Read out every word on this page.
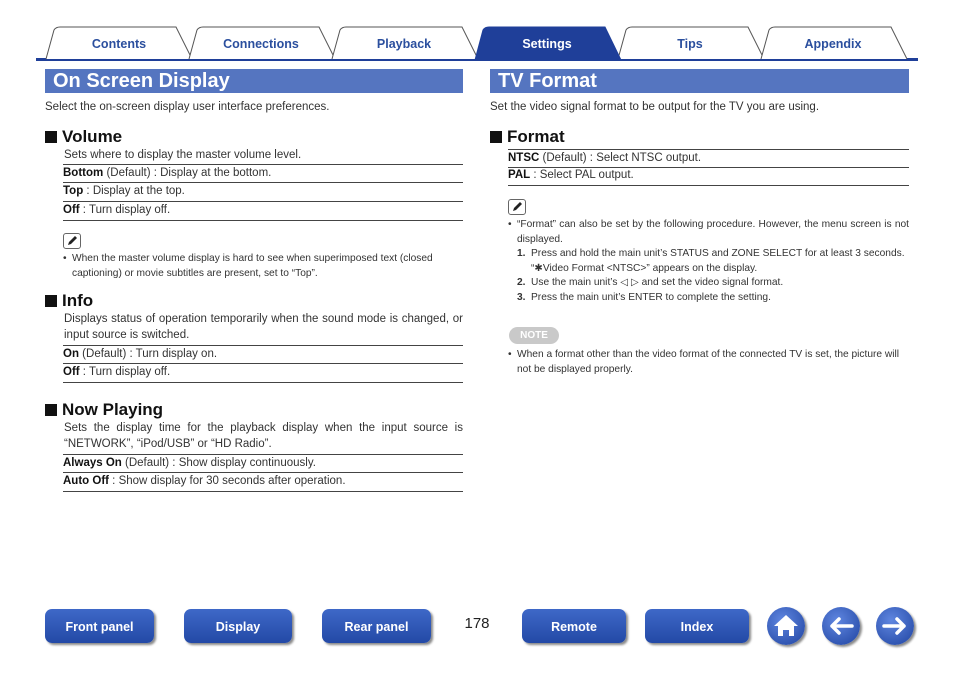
Contents	Connections	Playback	Settings	Tips	Appendix
On Screen Display
Select the on-screen display user interface preferences.
Volume
Sets where to display the master volume level.
Bottom (Default) : Display at the bottom.
Top : Display at the top.
Off : Turn display off.
• When the master volume display is hard to see when superimposed text (closed captioning) or movie subtitles are present, set to “Top”.
Info
Displays status of operation temporarily when the sound mode is changed, or input source is switched.
On (Default) : Turn display on.
Off : Turn display off.
Now Playing
Sets the display time for the playback display when the input source is “NETWORK”, “iPod/USB” or “HD Radio”.
Always On (Default) : Show display continuously.
Auto Off : Show display for 30 seconds after operation.
TV Format
Set the video signal format to be output for the TV you are using.
Format
NTSC (Default) : Select NTSC output.
PAL : Select PAL output.
• “Format” can also be set by the following procedure. However, the menu screen is not displayed.
1. Press and hold the main unit’s STATUS and ZONE SELECT for at least 3 seconds.
“✱Video Format <NTSC>” appears on the display.
2. Use the main unit’s ◁ ▷ and set the video signal format.
3. Press the main unit’s ENTER to complete the setting.
NOTE
• When a format other than the video format of the connected TV is set, the picture will not be displayed properly.
Front panel	Display	Rear panel	178	Remote	Index
